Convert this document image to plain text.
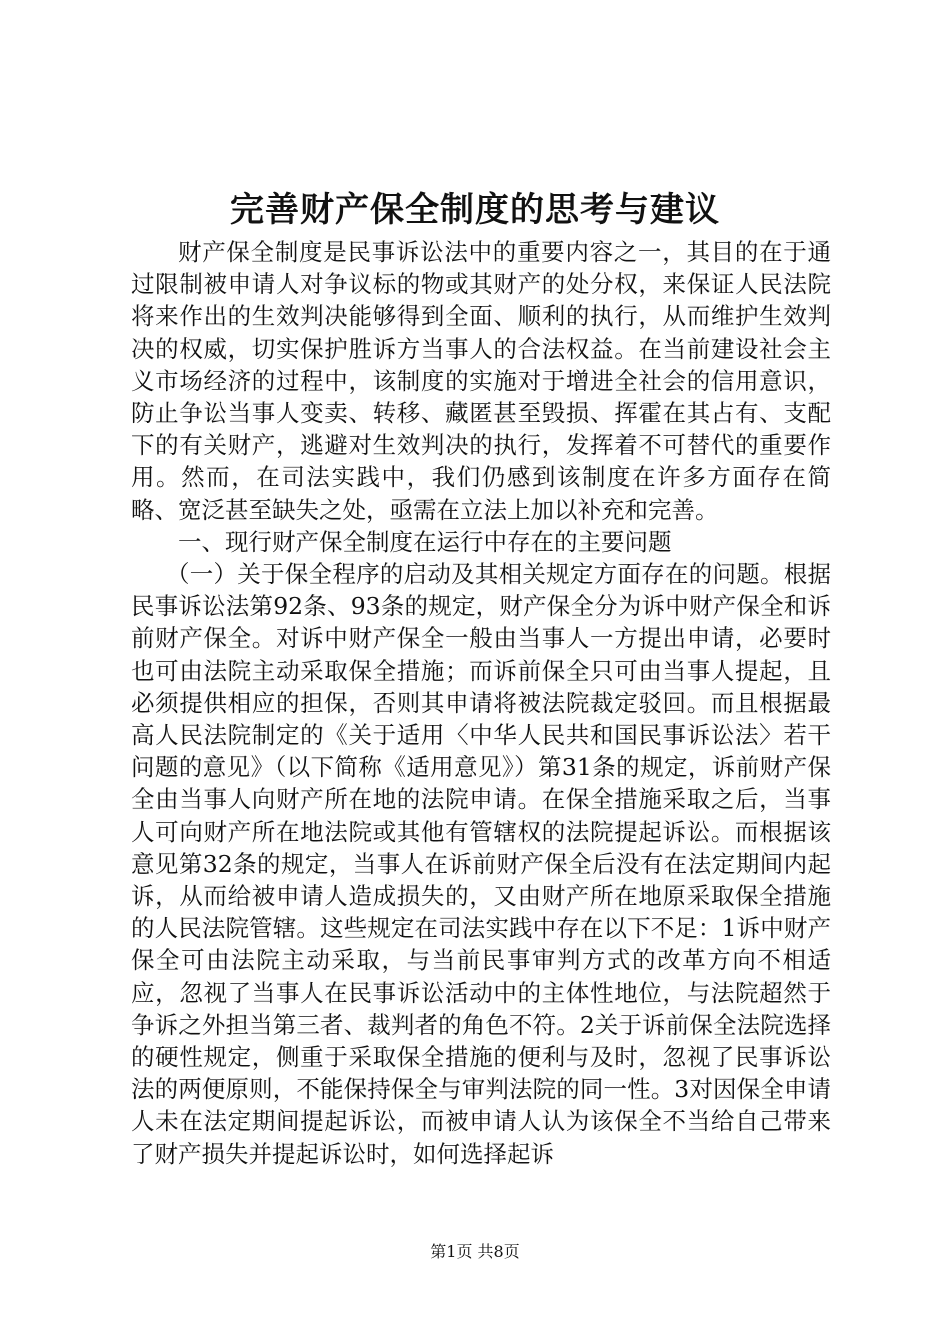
完善财产保全制度的思考与建议

财产保全制度是民事诉讼法中的重要内容之一，其目的在于通过限制被申请人对争议标的物或其财产的处分权，来保证人民法院将来作出的生效判决能够得到全面、顺利的执行，从而维护生效判决的权威，切实保护胜诉方当事人的合法权益。在当前建设社会主义市场经济的过程中，该制度的实施对于增进全社会的信用意识，防止争讼当事人变卖、转移、藏匿甚至毁损、挥霍在其占有、支配下的有关财产，逃避对生效判决的执行，发挥着不可替代的重要作用。然而，在司法实践中，我们仍感到该制度在许多方面存在简略、宽泛甚至缺失之处，亟需在立法上加以补充和完善。

一、现行财产保全制度在运行中存在的主要问题

（一）关于保全程序的启动及其相关规定方面存在的问题。根据民事诉讼法第92条、93条的规定，财产保全分为诉中财产保全和诉前财产保全。对诉中财产保全一般由当事人一方提出申请，必要时也可由法院主动采取保全措施；而诉前保全只可由当事人提起，且必须提供相应的担保，否则其申请将被法院裁定驳回。而且根据最高人民法院制定的《关于适用〈中华人民共和国民事诉讼法〉若干问题的意见》（以下简称《适用意见》）第31条的规定，诉前财产保全由当事人向财产所在地的法院申请。在保全措施采取之后，当事人可向财产所在地法院或其他有管辖权的法院提起诉讼。而根据该意见第32条的规定，当事人在诉前财产保全后没有在法定期间内起诉，从而给被申请人造成损失的，又由财产所在地原采取保全措施的人民法院管辖。这些规定在司法实践中存在以下不足：1诉中财产保全可由法院主动采取，与当前民事审判方式的改革方向不相适应，忽视了当事人在民事诉讼活动中的主体性地位，与法院超然于争诉之外担当第三者、裁判者的角色不符。2关于诉前保全法院选择的硬性规定，侧重于采取保全措施的便利与及时，忽视了民事诉讼法的两便原则，不能保持保全与审判法院的同一性。3对因保全申请人未在法定期间提起诉讼，而被申请人认为该保全不当给自己带来了财产损失并提起诉讼时，如何选择起诉

第1页 共8页
